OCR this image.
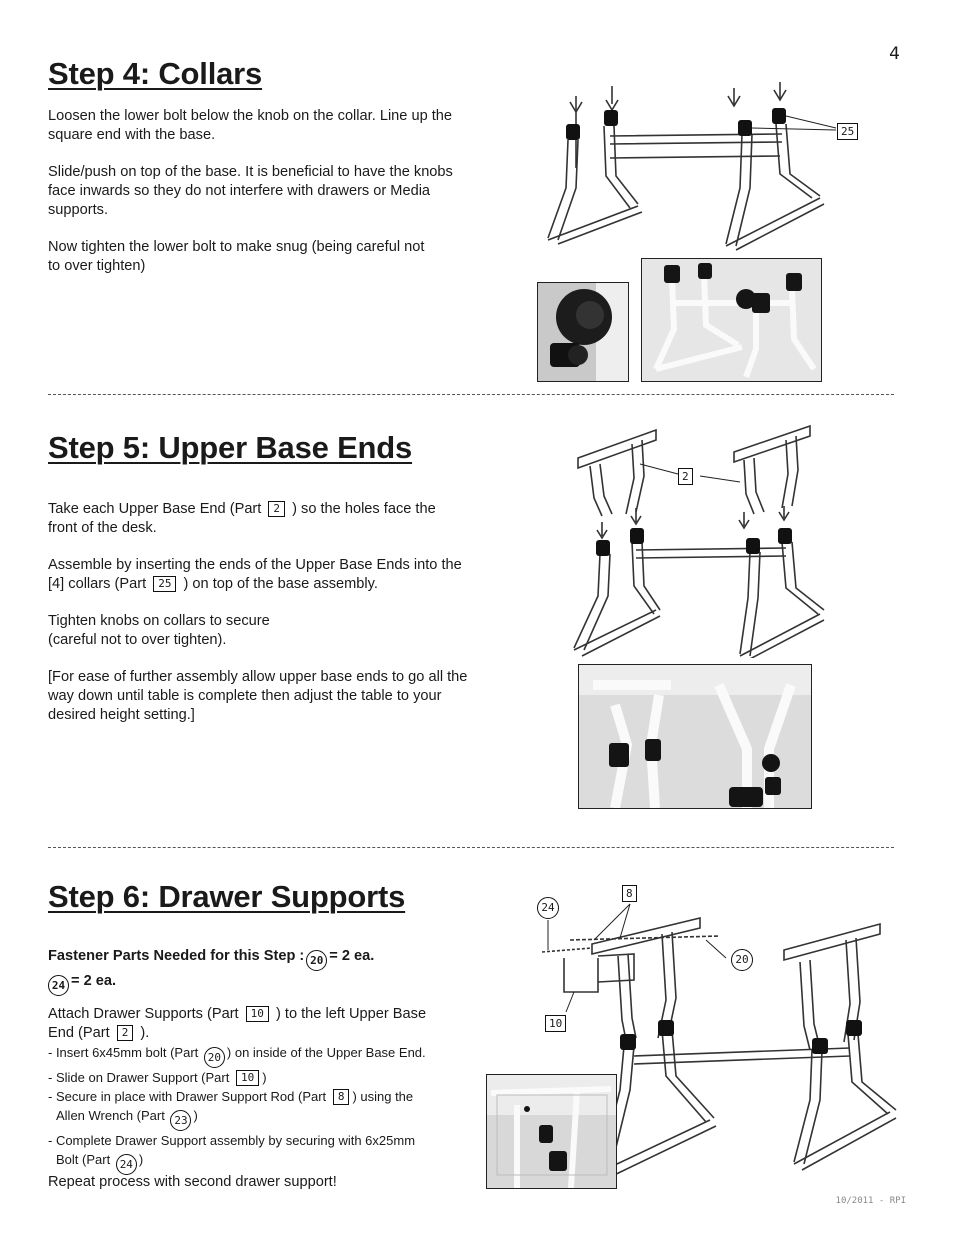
4
Step 4: Collars

Loosen the lower bolt below the knob on the collar. Line up the square end with the base.

Slide/push on top of the base. It is beneficial to have the knobs face inwards so they do not interfere with drawers or Media supports.

Now tighten the lower bolt to make snug (being careful not to over tighten)

25
Step 5: Upper Base Ends

Take each Upper Base End (Part 2 ) so the holes face the front of the desk.

Assemble by inserting the ends of the Upper Base Ends into the [4] collars (Part 25 ) on top of the base assembly.

Tighten knobs on collars to secure
(careful not to over tighten).

[For ease of further assembly allow upper base ends to go all the way down until table is complete then adjust the table to your desired height setting.]

2
Step 6: Drawer Supports
Fastener Parts Needed for this Step : 20 = 2 ea.
24 = 2 ea.

Attach Drawer Supports (Part 10 ) to the left Upper Base
End (Part 2 ).

- Insert 6x45mm bolt (Part 20 ) on inside of the Upper Base End.
- Slide on Drawer Support (Part 10 )
- Secure in place with Drawer Support Rod (Part 8 ) using the
Allen Wrench (Part 23 )
- Complete Drawer Support assembly by securing with 6x25mm
Bolt (Part 24 )

Repeat process with second drawer support!

8
24
20
10
10/2011 - RPI
